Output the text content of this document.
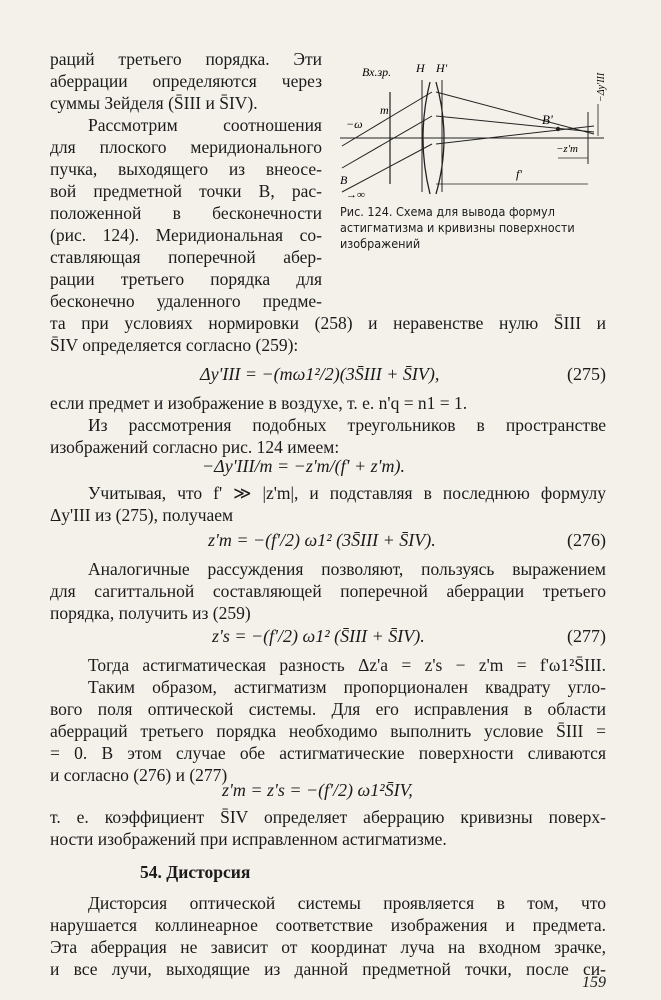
раций третьего порядка. Эти
аберрации определяются через
суммы Зейделя (S̄III и S̄IV).
Рассмотрим соотношения
для плоского меридионального
пучка, выходящего из внеосе-
вой предметной точки B, рас-
положенной в бесконечности
(рис. 124). Меридиональная со-
ставляющая поперечной абер-
рации третьего порядка для
бесконечно удаленного предме-
Вх.зр. H H'
B'
m
−ω
B
→∞
f'
−z'm
−Δy'III
Рис. 124. Схема для вывода формул астигматизма и кривизны поверхности изображений
та при условиях нормировки (258) и неравенстве нулю S̄III и
S̄IV определяется согласно (259):
Δy'III = −(mω1²/2)(3S̄III + S̄IV),	(275)
если предмет и изображение в воздухе, т. е. n'q = n1 = 1.
Из рассмотрения подобных треугольников в пространстве
изображений согласно рис. 124 имеем:
−Δy'III/m = −z'm/(f' + z'm).
Учитывая, что f' ≫ |z'm|, и подставляя в последнюю формулу
Δy'III из (275), получаем
z'm = −(f'/2) ω1² (3S̄III + S̄IV).	(276)
Аналогичные рассуждения позволяют, пользуясь выражением
для сагиттальной составляющей поперечной аберрации третьего
порядка, получить из (259)
z's = −(f'/2) ω1² (S̄III + S̄IV).	(277)
Тогда астигматическая разность Δz'a = z's − z'm = f'ω1²S̄III.
Таким образом, астигматизм пропорционален квадрату угло-
вого поля оптической системы. Для его исправления в области
аберраций третьего порядка необходимо выполнить условие S̄III =
= 0. В этом случае обе астигматические поверхности сливаются
и согласно (276) и (277)
z'm = z's = −(f'/2) ω1²S̄IV,
т. е. коэффициент S̄IV определяет аберрацию кривизны поверх-
ности изображений при исправленном астигматизме.
54. Дисторсия
Дисторсия оптической системы проявляется в том, что
нарушается коллинеарное соответствие изображения и предмета.
Эта аберрация не зависит от координат луча на входном зрачке,
и все лучи, выходящие из данной предметной точки, после си-
159
